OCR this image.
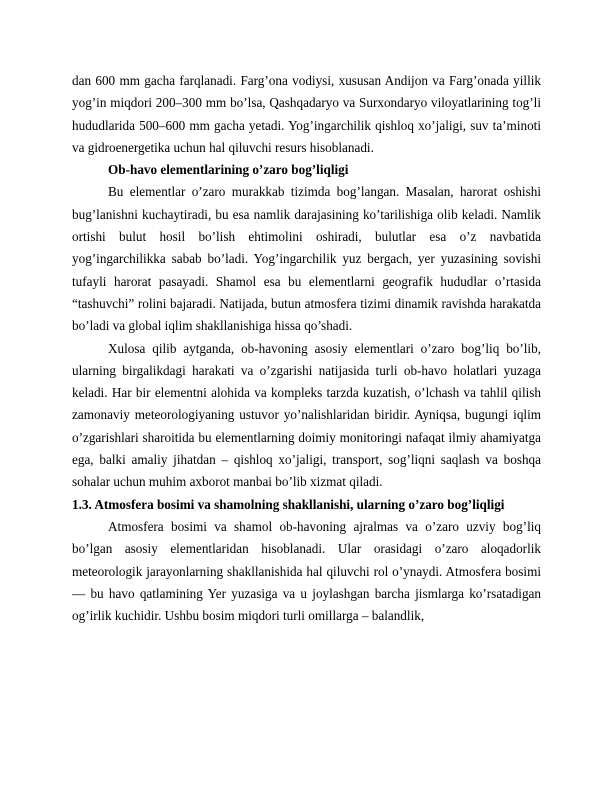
dan 600 mm gacha farqlanadi. Farg’ona vodiysi, xususan Andijon va Farg’onada yillik yog’in miqdori 200–300 mm bo’lsa, Qashqadaryo va Surxondaryo viloyatlarining tog’li hududlarida 500–600 mm gacha yetadi. Yog’ingarchilik qishloq xo’jaligi, suv ta’minoti va gidroenergetika uchun hal qiluvchi resurs hisoblanadi.

Ob-havo elementlarining o’zaro bog’liqligi

Bu elementlar o’zaro murakkab tizimda bog’langan. Masalan, harorat oshishi bug’lanishni kuchaytiradi, bu esa namlik darajasining ko’tarilishiga olib keladi. Namlik ortishi bulut hosil bo’lish ehtimolini oshiradi, bulutlar esa o’z navbatida yog’ingarchilikka sabab bo’ladi. Yog’ingarchilik yuz bergach, yer yuzasining sovishi tufayli harorat pasayadi. Shamol esa bu elementlarni geografik hududlar o’rtasida “tashuvchi” rolini bajaradi. Natijada, butun atmosfera tizimi dinamik ravishda harakatda bo’ladi va global iqlim shakllanishiga hissa qo’shadi.

Xulosa qilib aytganda, ob-havoning asosiy elementlari o’zaro bog’liq bo’lib, ularning birgalikdagi harakati va o’zgarishi natijasida turli ob-havo holatlari yuzaga keladi. Har bir elementni alohida va kompleks tarzda kuzatish, o’lchash va tahlil qilish zamonaviy meteorologiyaning ustuvor yo’nalishlaridan biridir. Ayniqsa, bugungi iqlim o’zgarishlari sharoitida bu elementlarning doimiy monitoringi nafaqat ilmiy ahamiyatga ega, balki amaliy jihatdan – qishloq xo’jaligi, transport, sog’liqni saqlash va boshqa sohalar uchun muhim axborot manbai bo’lib xizmat qiladi.

1.3. Atmosfera bosimi va shamolning shakllanishi, ularning o’zaro bog’liqligi

Atmosfera bosimi va shamol ob-havoning ajralmas va o’zaro uzviy bog’liq bo’lgan asosiy elementlaridan hisoblanadi. Ular orasidagi o’zaro aloqadorlik meteorologik jarayonlarning shakllanishida hal qiluvchi rol o’ynaydi. Atmosfera bosimi — bu havo qatlamining Yer yuzasiga va u joylashgan barcha jismlarga ko’rsatadigan og’irlik kuchidir. Ushbu bosim miqdori turli omillarga – balandlik,
